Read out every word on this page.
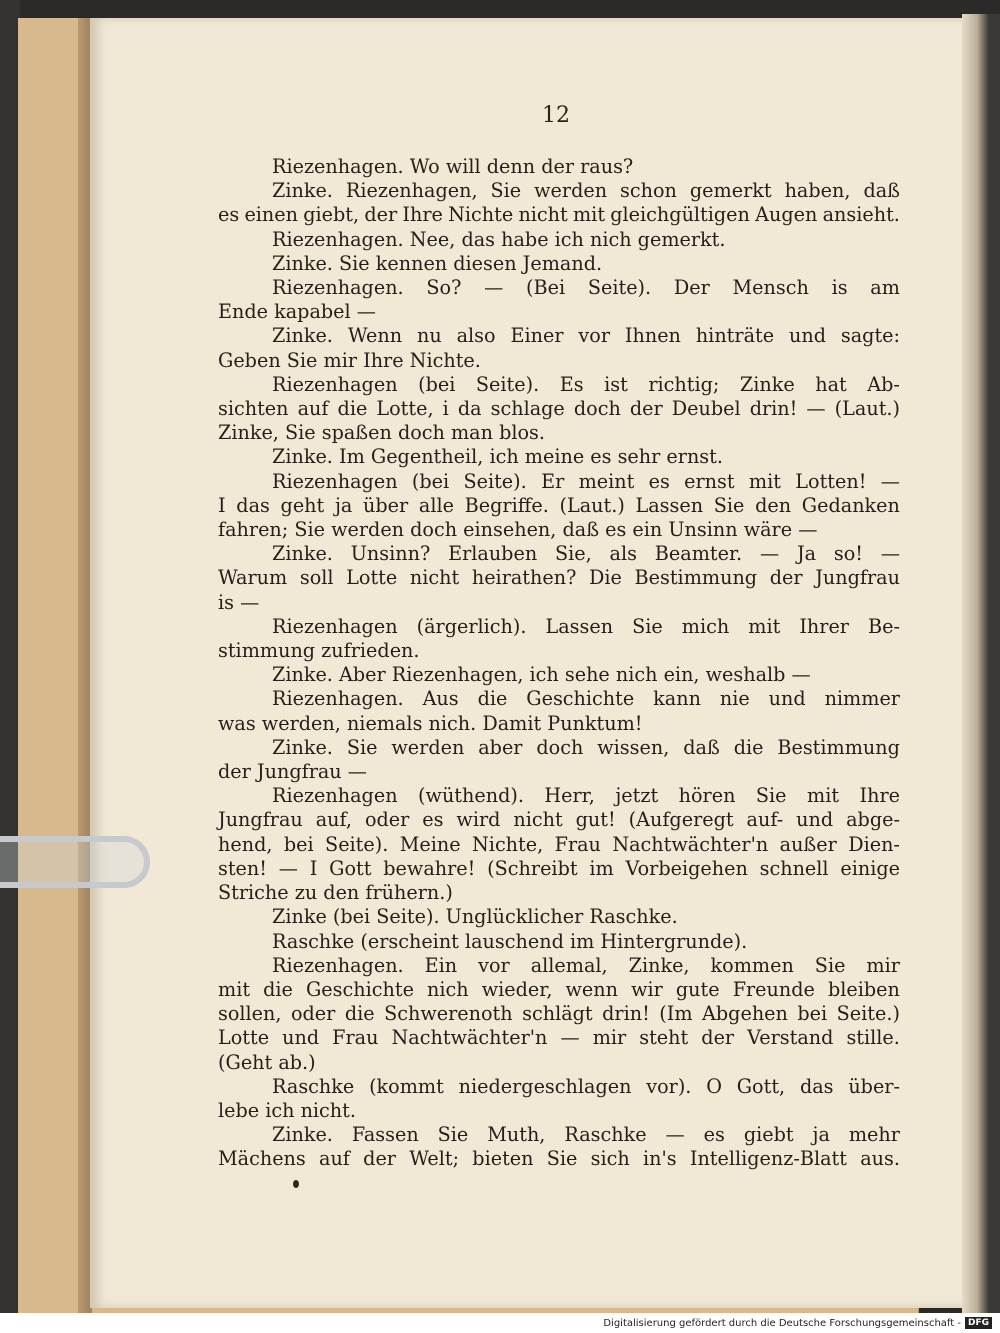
12
Riezenhagen. Wo will denn der raus?
Zinke. Riezenhagen, Sie werden schon gemerkt haben, daß
es einen giebt, der Ihre Nichte nicht mit gleichgültigen Augen ansieht.
Riezenhagen. Nee, das habe ich nich gemerkt.
Zinke. Sie kennen diesen Jemand.
Riezenhagen. So? — (Bei Seite). Der Mensch is am
Ende kapabel —
Zinke. Wenn nu also Einer vor Ihnen hinträte und sagte:
Geben Sie mir Ihre Nichte.
Riezenhagen (bei Seite). Es ist richtig; Zinke hat Ab-
sichten auf die Lotte, i da schlage doch der Deubel drin! — (Laut.)
Zinke, Sie spaßen doch man blos.
Zinke. Im Gegentheil, ich meine es sehr ernst.
Riezenhagen (bei Seite). Er meint es ernst mit Lotten! —
I das geht ja über alle Begriffe. (Laut.) Lassen Sie den Gedanken
fahren; Sie werden doch einsehen, daß es ein Unsinn wäre —
Zinke. Unsinn? Erlauben Sie, als Beamter. — Ja so! —
Warum soll Lotte nicht heirathen? Die Bestimmung der Jungfrau
is —
Riezenhagen (ärgerlich). Lassen Sie mich mit Ihrer Be-
stimmung zufrieden.
Zinke. Aber Riezenhagen, ich sehe nich ein, weshalb —
Riezenhagen. Aus die Geschichte kann nie und nimmer
was werden, niemals nich. Damit Punktum!
Zinke. Sie werden aber doch wissen, daß die Bestimmung
der Jungfrau —
Riezenhagen (wüthend). Herr, jetzt hören Sie mit Ihre
Jungfrau auf, oder es wird nicht gut! (Aufgeregt auf- und abge-
hend, bei Seite). Meine Nichte, Frau Nachtwächter'n außer Dien-
sten! — I Gott bewahre! (Schreibt im Vorbeigehen schnell einige
Striche zu den frühern.)
Zinke (bei Seite). Unglücklicher Raschke.
Raschke (erscheint lauschend im Hintergrunde).
Riezenhagen. Ein vor allemal, Zinke, kommen Sie mir
mit die Geschichte nich wieder, wenn wir gute Freunde bleiben
sollen, oder die Schwerenoth schlägt drin! (Im Abgehen bei Seite.)
Lotte und Frau Nachtwächter'n — mir steht der Verstand stille.
(Geht ab.)
Raschke (kommt niedergeschlagen vor). O Gott, das über-
lebe ich nicht.
Zinke. Fassen Sie Muth, Raschke — es giebt ja mehr
Mächens auf der Welt; bieten Sie sich in's Intelligenz-Blatt aus.
Digitalisierung gefördert durch die Deutsche Forschungsgemeinschaft - DFG
